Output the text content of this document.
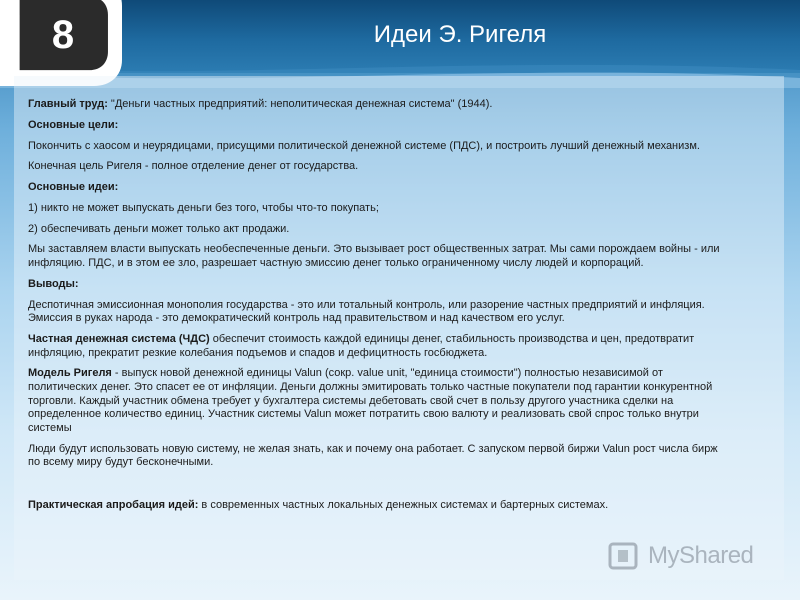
8	Идеи Э. Ригеля

Главный труд: "Деньги частных предприятий: неполитическая денежная система" (1944).

Основные цели:

Покончить с хаосом и неурядицами, присущими политической денежной системе (ПДС), и построить лучший денежный механизм.

Конечная цель Ригеля - полное отделение денег от государства.

Основные идеи:

1) никто не может выпускать деньги без того, чтобы что-то покупать;

2) обеспечивать деньги может только акт продажи.

Мы заставляем власти выпускать необеспеченные деньги. Это вызывает рост общественных затрат. Мы сами порождаем войны - или инфляцию. ПДС, и в этом ее зло, разрешает частную эмиссию денег только ограниченному числу людей и корпораций.

Выводы:

Деспотичная эмиссионная монополия государства - это или тотальный контроль, или разорение частных предприятий и инфляция. Эмиссия в руках народа - это демократический контроль над правительством и над качеством его услуг.

Частная денежная система (ЧДС) обеспечит стоимость каждой единицы денег, стабильность производства и цен, предотвратит инфляцию, прекратит резкие колебания подъемов и спадов и дефицитность госбюджета.

Модель Ригеля - выпуск новой денежной единицы Valun (сокр. value unit, "единица стоимости") полностью независимой от политических денег. Это спасет ее от инфляции. Деньги должны эмитировать только частные покупатели под гарантии конкурентной торговли. Каждый участник обмена требует у бухгалтера системы дебетовать свой счет в пользу другого участника сделки на определенное количество единиц. Участник системы Valun может потратить свою валюту и реализовать свой спрос только внутри системы

Люди будут использовать новую систему, не желая знать, как и почему она работает. С запуском первой биржи Valun рост числа бирж по всему миру будут бесконечными.

Практическая апробация идей: в современных частных локальных денежных системах и бартерных системах.

MyShared
